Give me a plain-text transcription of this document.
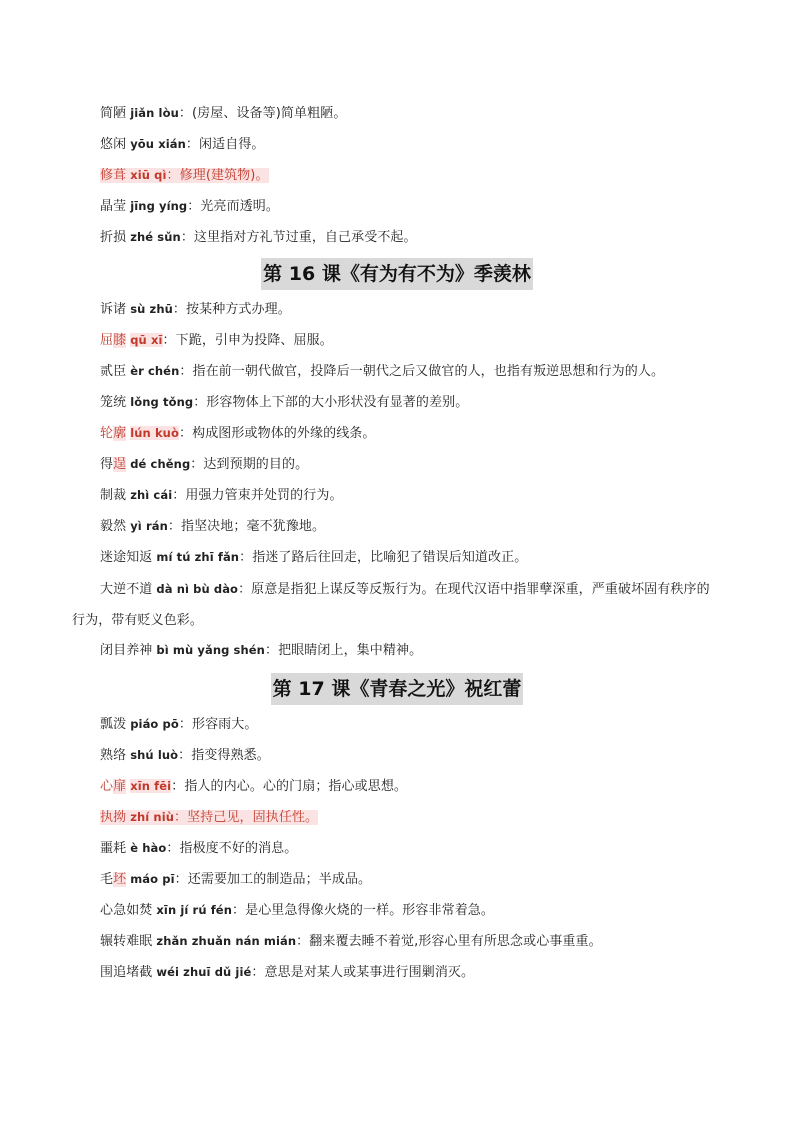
简陋 jiǎn lòu：(房屋、设备等)简单粗陋。
悠闲 yōu xián：闲适自得。
修葺 xiū qì：修理(建筑物)。
晶莹 jīng yíng：光亮而透明。
折损 zhé sǔn：这里指对方礼节过重，自己承受不起。
第 16 课《有为有不为》季羡林
诉诸 sù zhū：按某种方式办理。
屈膝 qū xī：下跪，引申为投降、屈服。
贰臣 èr chén：指在前一朝代做官，投降后一朝代之后又做官的人，也指有叛逆思想和行为的人。
笼统 lǒng tǒng：形容物体上下部的大小形状没有显著的差别。
轮廓 lún kuò：构成图形或物体的外缘的线条。
得逞 dé chěng：达到预期的目的。
制裁 zhì cái：用强力管束并处罚的行为。
毅然 yì rán：指坚决地；毫不犹豫地。
迷途知返 mí tú zhī fǎn：指迷了路后往回走，比喻犯了错误后知道改正。
大逆不道 dà nì bù dào：原意是指犯上谋反等反叛行为。在现代汉语中指罪孽深重，严重破坏固有秩序的行为，带有贬义色彩。
闭目养神 bì mù yǎng shén：把眼睛闭上，集中精神。
第 17 课《青春之光》祝红蕾
瓢泼 piáo pō：形容雨大。
熟络 shú luò：指变得熟悉。
心扉 xīn fēi：指人的内心。心的门扇；指心或思想。
执拗 zhí niù：坚持己见，固执任性。
噩耗 è hào：指极度不好的消息。
毛坯 máo pī：还需要加工的制造品；半成品。
心急如焚 xīn jí rú fén：是心里急得像火烧的一样。形容非常着急。
辗转难眠 zhǎn zhuǎn nán mián：翻来覆去睡不着觉,形容心里有所思念或心事重重。
围追堵截 wéi zhuī dǔ jié：意思是对某人或某事进行围剿消灭。
